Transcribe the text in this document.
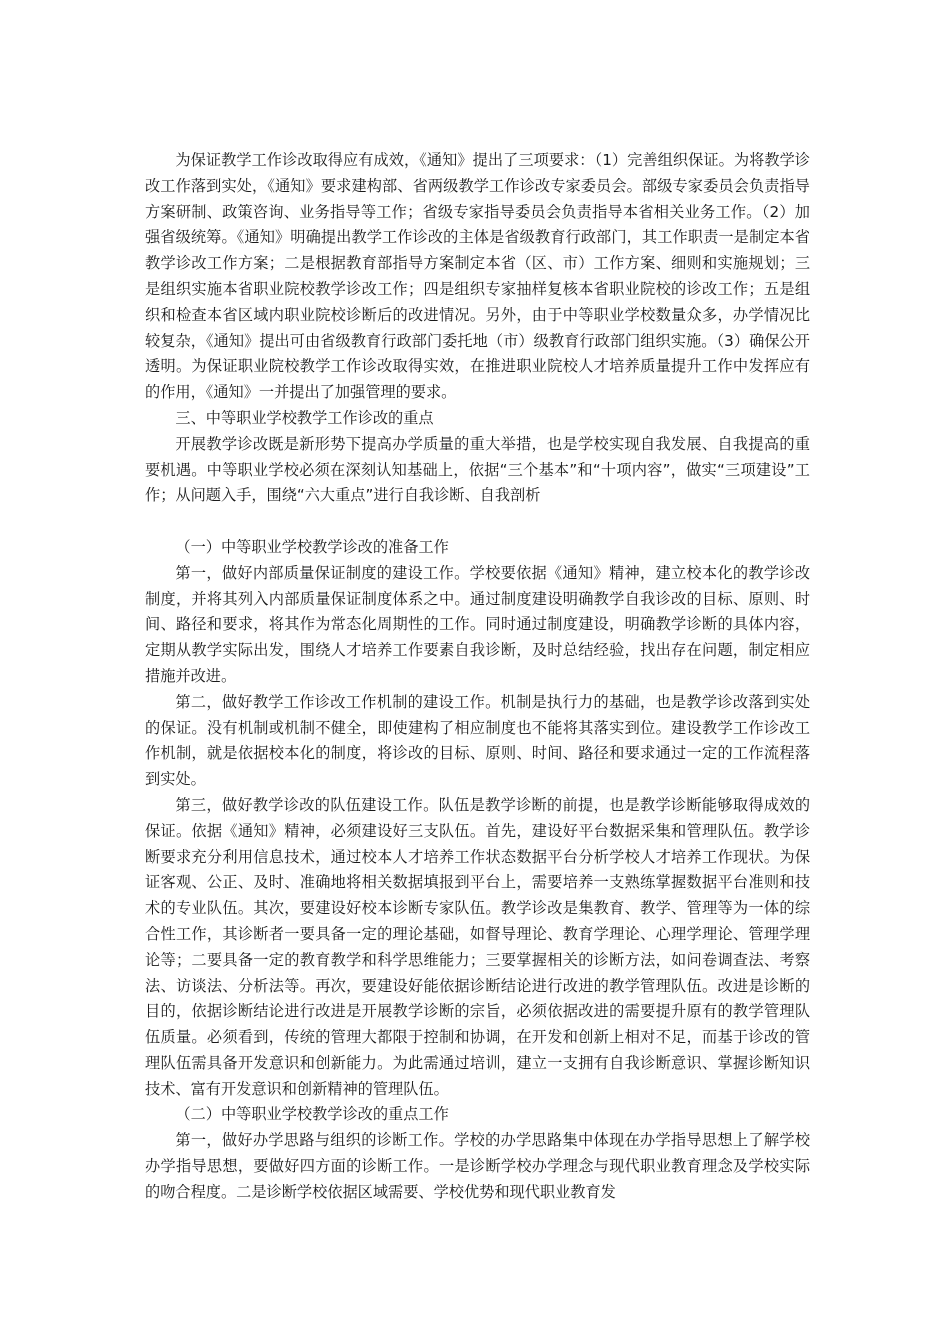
为保证教学工作诊改取得应有成效，《通知》提出了三项要求：（1）完善组织保证。为将教学诊改工作落到实处，《通知》要求建构部、省两级教学工作诊改专家委员会。部级专家委员会负责指导方案研制、政策咨询、业务指导等工作；省级专家指导委员会负责指导本省相关业务工作。（2）加强省级统筹。《通知》明确提出教学工作诊改的主体是省级教育行政部门，其工作职责一是制定本省教学诊改工作方案；二是根据教育部指导方案制定本省（区、市）工作方案、细则和实施规划；三是组织实施本省职业院校教学诊改工作；四是组织专家抽样复核本省职业院校的诊改工作；五是组织和检查本省区域内职业院校诊断后的改进情况。另外，由于中等职业学校数量众多，办学情况比较复杂，《通知》提出可由省级教育行政部门委托地（市）级教育行政部门组织实施。（3）确保公开透明。为保证职业院校教学工作诊改取得实效，在推进职业院校人才培养质量提升工作中发挥应有的作用，《通知》一并提出了加强管理的要求。

三、中等职业学校教学工作诊改的重点

开展教学诊改既是新形势下提高办学质量的重大举措，也是学校实现自我发展、自我提高的重要机遇。中等职业学校必须在深刻认知基础上，依据“三个基本”和“十项内容”，做实“三项建设”工作；从问题入手，围绕“六大重点”进行自我诊断、自我剖析

（一）中等职业学校教学诊改的准备工作

第一，做好内部质量保证制度的建设工作。学校要依据《通知》精神，建立校本化的教学诊改制度，并将其列入内部质量保证制度体系之中。通过制度建设明确教学自我诊改的目标、原则、时间、路径和要求，将其作为常态化周期性的工作。同时通过制度建设，明确教学诊断的具体内容，定期从教学实际出发，围绕人才培养工作要素自我诊断，及时总结经验，找出存在问题，制定相应措施并改进。

第二，做好教学工作诊改工作机制的建设工作。机制是执行力的基础，也是教学诊改落到实处的保证。没有机制或机制不健全，即使建构了相应制度也不能将其落实到位。建设教学工作诊改工作机制，就是依据校本化的制度，将诊改的目标、原则、时间、路径和要求通过一定的工作流程落到实处。

第三，做好教学诊改的队伍建设工作。队伍是教学诊断的前提，也是教学诊断能够取得成效的保证。依据《通知》精神，必须建设好三支队伍。首先，建设好平台数据采集和管理队伍。教学诊断要求充分利用信息技术，通过校本人才培养工作状态数据平台分析学校人才培养工作现状。为保证客观、公正、及时、准确地将相关数据填报到平台上，需要培养一支熟练掌握数据平台准则和技术的专业队伍。其次，要建设好校本诊断专家队伍。教学诊改是集教育、教学、管理等为一体的综合性工作，其诊断者一要具备一定的理论基础，如督导理论、教育学理论、心理学理论、管理学理论等；二要具备一定的教育教学和科学思维能力；三要掌握相关的诊断方法，如问卷调查法、考察法、访谈法、分析法等。再次，要建设好能依据诊断结论进行改进的教学管理队伍。改进是诊断的目的，依据诊断结论进行改进是开展教学诊断的宗旨，必须依据改进的需要提升原有的教学管理队伍质量。必须看到，传统的管理大都限于控制和协调，在开发和创新上相对不足，而基于诊改的管理队伍需具备开发意识和创新能力。为此需通过培训，建立一支拥有自我诊断意识、掌握诊断知识技术、富有开发意识和创新精神的管理队伍。

（二）中等职业学校教学诊改的重点工作

第一，做好办学思路与组织的诊断工作。学校的办学思路集中体现在办学指导思想上了解学校办学指导思想，要做好四方面的诊断工作。一是诊断学校办学理念与现代职业教育理念及学校实际的吻合程度。二是诊断学校依据区域需要、学校优势和现代职业教育发
